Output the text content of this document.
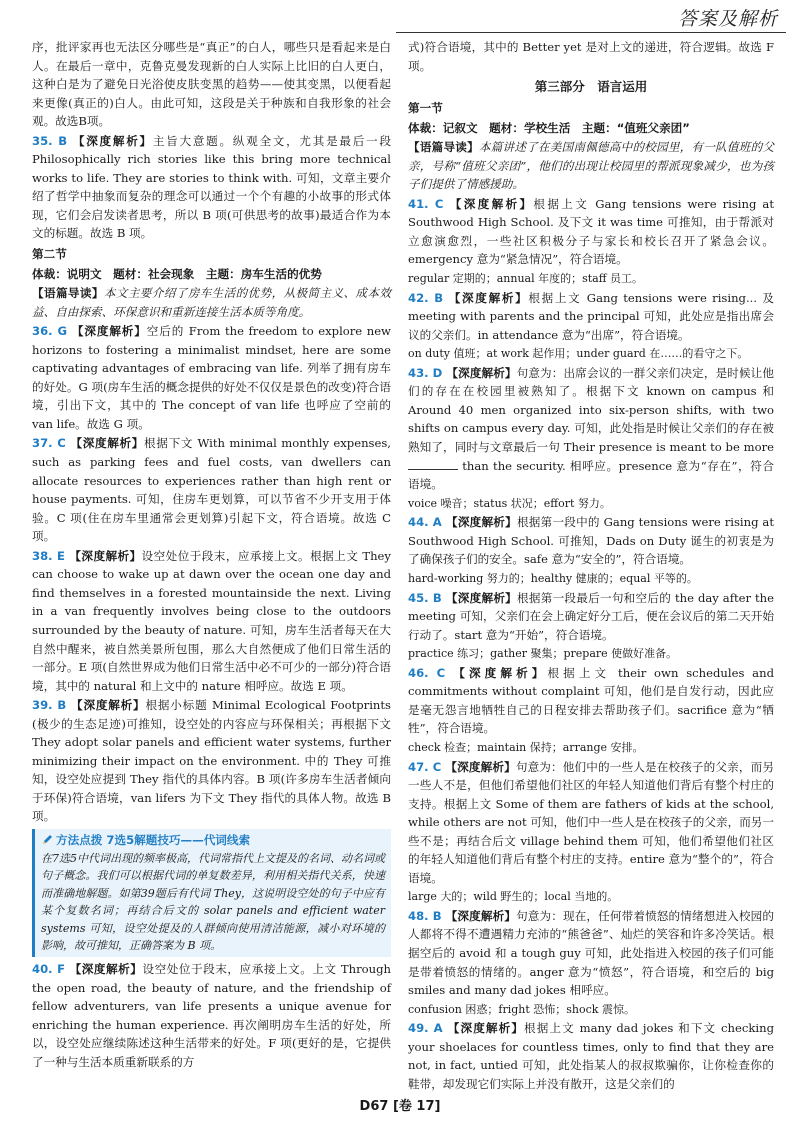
答案及解析

序，批评家再也无法区分哪些是“真正”的白人，哪些只是看起来是白人。在最后一章中，克鲁克曼发现新的白人实际上比旧的白人更白，这种白是为了避免日光浴使皮肤变黑的趋势——使其变黑，以便看起来更像(真正的)白人。由此可知，这段是关于种族和自我形象的社会观。故选B项。

35. B 【深度解析】主旨大意题。纵观全文，尤其是最后一段 Philosophically rich stories like this bring more technical works to life. They are stories to think with. 可知，文章主要介绍了哲学中抽象而复杂的理念可以通过一个个有趣的小故事的形式体现，它们会启发读者思考，所以 B 项(可供思考的故事)最适合作为本文的标题。故选 B 项。

第二节

体裁：说明文　题材：社会现象　主题：房车生活的优势

【语篇导读】本文主要介绍了房车生活的优势，从极简主义、成本效益、自由探索、环保意识和重新连接生活本质等角度。

36. G 【深度解析】空后的 From the freedom to explore new horizons to fostering a minimalist mindset, here are some captivating advantages of embracing van life. 列举了拥有房车的好处。G 项(房车生活的概念提供的好处不仅仅是景色的改变)符合语境，引出下文，其中的 The concept of van life 也呼应了空前的 van life。故选 G 项。

37. C 【深度解析】根据下文 With minimal monthly expenses, such as parking fees and fuel costs, van dwellers can allocate resources to experiences rather than high rent or house payments. 可知，住房车更划算，可以节省不少开支用于体验。C 项(住在房车里通常会更划算)引起下文，符合语境。故选 C 项。

38. E 【深度解析】设空处位于段末，应承接上文。根据上文 They can choose to wake up at dawn over the ocean one day and find themselves in a forested mountainside the next. Living in a van frequently involves being close to the outdoors surrounded by the beauty of nature. 可知，房车生活者每天在大自然中醒来，被自然美景所包围，那么大自然便成了他们日常生活的一部分。E 项(自然世界成为他们日常生活中必不可少的一部分)符合语境，其中的 natural 和上文中的 nature 相呼应。故选 E 项。

39. B 【深度解析】根据小标题 Minimal Ecological Footprints (极少的生态足迹)可推知，设空处的内容应与环保相关；再根据下文 They adopt solar panels and efficient water systems, further minimizing their impact on the environment. 中的 They 可推知，设空处应提到 They 指代的具体内容。B 项(许多房车生活者倾向于环保)符合语境，van lifers 为下文 They 指代的具体人物。故选 B 项。

方法点拨 7选5解题技巧——代词线索
在7选5中代词出现的频率极高，代词常指代上文提及的名词、动名词或句子概念。我们可以根据代词的单复数差异，利用相关指代关系，快速而准确地解题。如第39题后有代词 They，这说明设空处的句子中应有某个复数名词；再结合后文的 solar panels and efficient water systems 可知，设空处提及的人群倾向使用清洁能源，减小对环境的影响，故可推知，正确答案为 B 项。

40. F 【深度解析】设空处位于段末，应承接上文。上文 Through the open road, the beauty of nature, and the friendship of fellow adventurers, van life presents a unique avenue for enriching the human experience. 再次阐明房车生活的好处，所以，设空处应继续陈述这种生活带来的好处。F 项(更好的是，它提供了一种与生活本质重新联系的方

式)符合语境，其中的 Better yet 是对上文的递进，符合逻辑。故选 F 项。

第三部分　语言运用

第一节

体裁：记叙文　题材：学校生活　主题：“值班父亲团”

【语篇导读】本篇讲述了在美国南佩德高中的校园里，有一队值班的父亲，号称“值班父亲团”，他们的出现让校园里的帮派现象减少，也为孩子们提供了情感援助。

41. C 【深度解析】根据上文 Gang tensions were rising at Southwood High School. 及下文 it was time 可推知，由于帮派对立愈演愈烈，一些社区积极分子与家长和校长召开了紧急会议。emergency 意为“紧急情况”，符合语境。

regular 定期的；annual 年度的；staff 员工。

42. B 【深度解析】根据上文 Gang tensions were rising... 及 meeting with parents and the principal 可知，此处应是指出席会议的父亲们。in attendance 意为“出席”，符合语境。

on duty 值班；at work 起作用；under guard 在……的看守之下。

43. D 【深度解析】句意为：出席会议的一群父亲们决定，是时候让他们的存在在校园里被熟知了。根据下文 known on campus 和 Around 40 men organized into six-person shifts, with two shifts on campus every day. 可知，此处指是时候让父亲们的存在被熟知了，同时与文章最后一句 Their presence is meant to be more  than the security. 相呼应。presence 意为“存在”，符合语境。

voice 噪音；status 状况；effort 努力。

44. A 【深度解析】根据第一段中的 Gang tensions were rising at Southwood High School. 可推知，Dads on Duty 诞生的初衷是为了确保孩子们的安全。safe 意为“安全的”，符合语境。

hard-working 努力的；healthy 健康的；equal 平等的。

45. B 【深度解析】根据第一段最后一句和空后的 the day after the meeting 可知，父亲们在会上确定好分工后，便在会议后的第二天开始行动了。start 意为“开始”，符合语境。

practice 练习；gather 聚集；prepare 使做好准备。

46. C 【深度解析】根据上文 their own schedules and commitments without complaint 可知，他们是自发行动，因此应是毫无怨言地牺牲自己的日程安排去帮助孩子们。sacrifice 意为“牺牲”，符合语境。

check 检查；maintain 保持；arrange 安排。

47. C 【深度解析】句意为：他们中的一些人是在校孩子的父亲，而另一些人不是，但他们希望他们社区的年轻人知道他们背后有整个村庄的支持。根据上文 Some of them are fathers of kids at the school, while others are not 可知，他们中一些人是在校孩子的父亲，而另一些不是；再结合后文 village behind them 可知，他们希望他们社区的年轻人知道他们背后有整个村庄的支持。entire 意为“整个的”，符合语境。

large 大的；wild 野生的；local 当地的。

48. B 【深度解析】句意为：现在，任何带着愤怒的情绪想进入校园的人都将不得不遭遇精力充沛的“熊爸爸”、灿烂的笑容和许多冷笑话。根据空后的 avoid 和 a tough guy 可知，此处指进入校园的孩子们可能是带着愤怒的情绪的。anger 意为“愤怒”，符合语境，和空后的 big smiles and many dad jokes 相呼应。

confusion 困惑；fright 恐怖；shock 震惊。

49. A 【深度解析】根据上文 many dad jokes 和下文 checking your shoelaces for countless times, only to find that they are not, in fact, untied 可知，此处指某人的叔叔欺骗你，让你检查你的鞋带，却发现它们实际上并没有散开，这是父亲们的

D67 [卷 17]
